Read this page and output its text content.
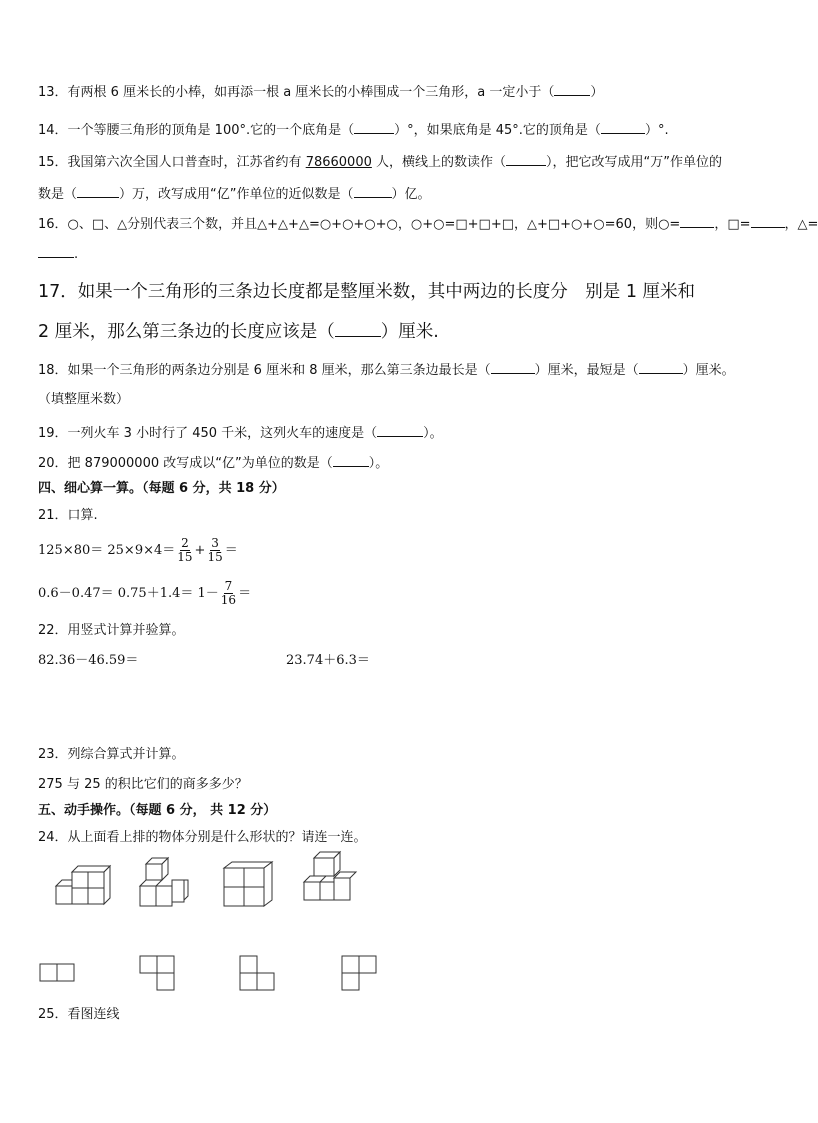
13．有两根 6 厘米长的小棒，如再添一根 a 厘米长的小棒围成一个三角形，a 一定小于（	）
14．一个等腰三角形的顶角是 100°.它的一个底角是（	）°，如果底角是 45°.它的顶角是（	）°.
15．我国第六次全国人口普查时，江苏省约有 78660000 人，横线上的数读作（	），把它改写成用“万”作单位的
数是（	）万，改写成用“亿”作单位的近似数是（	）亿。
16．○、□、△分别代表三个数，并且△+△+△=○+○+○+○，○+○=□+□+□，△+□+○+○=60，则○=	，□=	，△=
.
17．如果一个三角形的三条边长度都是整厘米数，其中两边的长度分　别是 1 厘米和
2 厘米，那么第三条边的长度应该是（	）厘米.
18．如果一个三角形的两条边分别是 6 厘米和 8 厘米，那么第三条边最长是（	）厘米，最短是（	）厘米。
（填整厘米数）
19．一列火车 3 小时行了 450 千米，这列火车的速度是（	）。
20．把 879000000 改写成以“亿”为单位的数是（	）。
四、细心算一算。（每题 6 分，共 18 分）
21．口算.
$125\times 80= 25\times 9\times 4= \frac{2}{15} + \frac{3}{15}$ ＝
$0.6-0.47= 0.75+1.4= 1- \frac{7}{16}$ ＝
22．用竖式计算并验算。
82.36－46.59＝	23.74＋6.3＝
23．列综合算式并计算。
275 与 25 的积比它们的商多多少？
五、动手操作。（每题 6 分， 共 12 分）
24．从上面看上排的物体分别是什么形状的？请连一连。
25．看图连线
